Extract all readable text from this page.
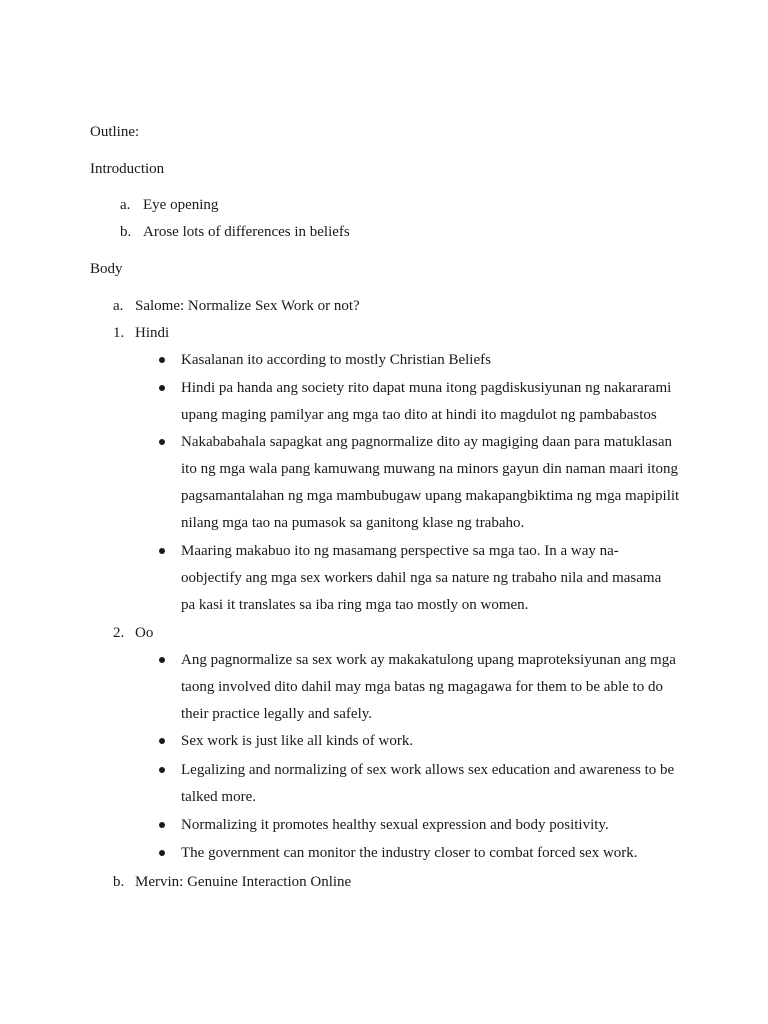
Outline:
Introduction
a. Eye opening
b. Arose lots of differences in beliefs
Body
a. Salome: Normalize Sex Work or not?
1. Hindi
Kasalanan ito according to mostly Christian Beliefs
Hindi pa handa ang society rito dapat muna itong pagdiskusiyunan ng nakararami upang maging pamilyar ang mga tao dito at hindi ito magdulot ng pambabastos
Nakababahala sapagkat ang pagnormalize dito ay magiging daan para matuklasan ito ng mga wala pang kamuwang muwang na minors gayun din naman maari itong pagsamantalahan ng mga mambubugaw upang makapangbiktima ng mga mapipilit nilang mga tao na pumasok sa ganitong klase ng trabaho.
Maaring makabuo ito ng masamang perspective sa mga tao. In a way na-oobjectify ang mga sex workers dahil nga sa nature ng trabaho nila and masama pa kasi it translates sa iba ring mga tao mostly on women.
2. Oo
Ang pagnormalize sa sex work ay makakatulong upang maproteksiyunan ang mga taong involved dito dahil may mga batas ng magagawa for them to be able to do their practice legally and safely.
Sex work is just like all kinds of work.
Legalizing and normalizing of sex work allows sex education and awareness to be talked more.
Normalizing it promotes healthy sexual expression and body positivity.
The government can monitor the industry closer to combat forced sex work.
b. Mervin: Genuine Interaction Online
